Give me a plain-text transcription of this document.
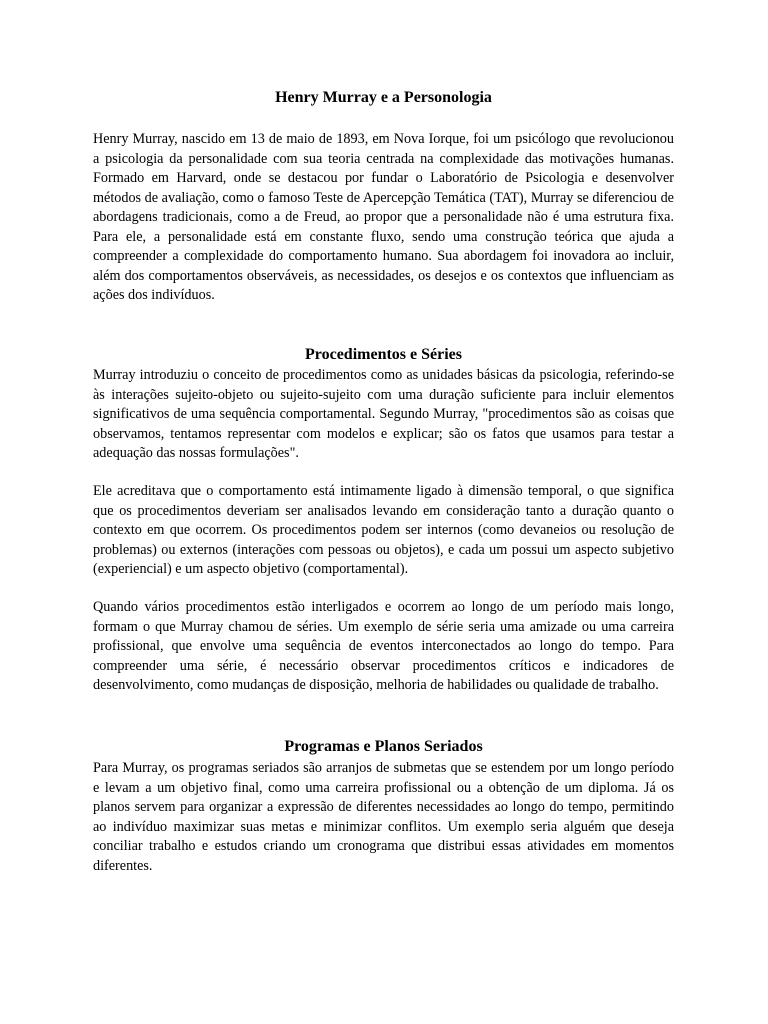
Henry Murray e a Personologia

Henry Murray, nascido em 13 de maio de 1893, em Nova Iorque, foi um psicólogo que revolucionou a psicologia da personalidade com sua teoria centrada na complexidade das motivações humanas. Formado em Harvard, onde se destacou por fundar o Laboratório de Psicologia e desenvolver métodos de avaliação, como o famoso Teste de Apercepção Temática (TAT), Murray se diferenciou de abordagens tradicionais, como a de Freud, ao propor que a personalidade não é uma estrutura fixa. Para ele, a personalidade está em constante fluxo, sendo uma construção teórica que ajuda a compreender a complexidade do comportamento humano. Sua abordagem foi inovadora ao incluir, além dos comportamentos observáveis, as necessidades, os desejos e os contextos que influenciam as ações dos indivíduos.

Procedimentos e Séries

Murray introduziu o conceito de procedimentos como as unidades básicas da psicologia, referindo-se às interações sujeito-objeto ou sujeito-sujeito com uma duração suficiente para incluir elementos significativos de uma sequência comportamental. Segundo Murray, "procedimentos são as coisas que observamos, tentamos representar com modelos e explicar; são os fatos que usamos para testar a adequação das nossas formulações".

Ele acreditava que o comportamento está intimamente ligado à dimensão temporal, o que significa que os procedimentos deveriam ser analisados levando em consideração tanto a duração quanto o contexto em que ocorrem. Os procedimentos podem ser internos (como devaneios ou resolução de problemas) ou externos (interações com pessoas ou objetos), e cada um possui um aspecto subjetivo (experiencial) e um aspecto objetivo (comportamental).

Quando vários procedimentos estão interligados e ocorrem ao longo de um período mais longo, formam o que Murray chamou de séries. Um exemplo de série seria uma amizade ou uma carreira profissional, que envolve uma sequência de eventos interconectados ao longo do tempo. Para compreender uma série, é necessário observar procedimentos críticos e indicadores de desenvolvimento, como mudanças de disposição, melhoria de habilidades ou qualidade de trabalho.

Programas e Planos Seriados

Para Murray, os programas seriados são arranjos de submetas que se estendem por um longo período e levam a um objetivo final, como uma carreira profissional ou a obtenção de um diploma. Já os planos servem para organizar a expressão de diferentes necessidades ao longo do tempo, permitindo ao indivíduo maximizar suas metas e minimizar conflitos. Um exemplo seria alguém que deseja conciliar trabalho e estudos criando um cronograma que distribui essas atividades em momentos diferentes.
